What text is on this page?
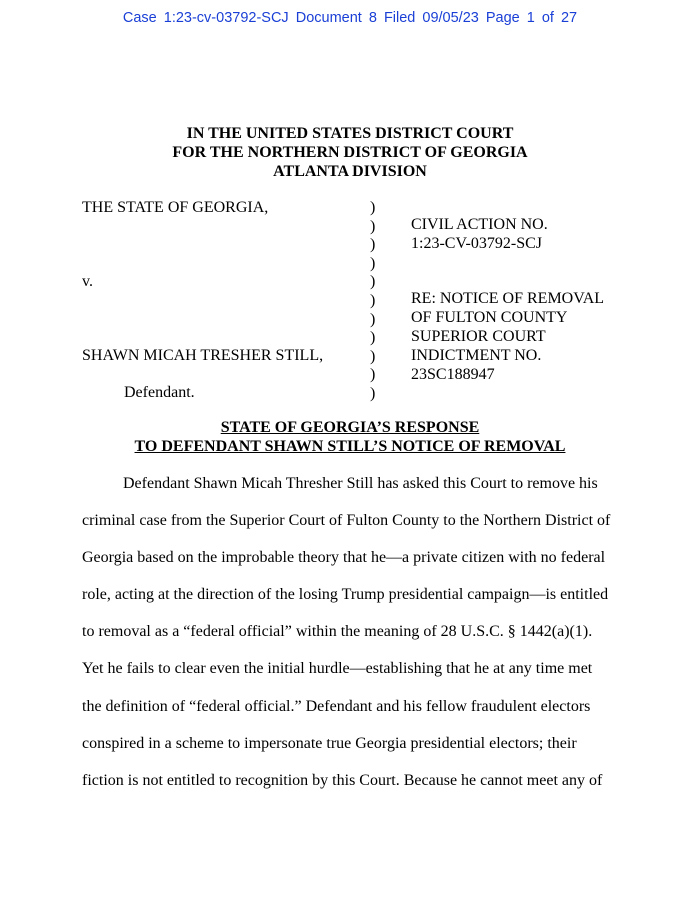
Case 1:23-cv-03792-SCJ Document 8 Filed 09/05/23 Page 1 of 27
IN THE UNITED STATES DISTRICT COURT
FOR THE NORTHERN DISTRICT OF GEORGIA
ATLANTA DIVISION
THE STATE OF GEORGIA,
v.
SHAWN MICAH TRESHER STILL,
Defendant.
)
)
)
)
)
)
)
)
)
)
)
CIVIL ACTION NO.
1:23-CV-03792-SCJ
RE: NOTICE OF REMOVAL
OF FULTON COUNTY
SUPERIOR COURT
INDICTMENT NO.
23SC188947
STATE OF GEORGIA’S RESPONSE
TO DEFENDANT SHAWN STILL’S NOTICE OF REMOVAL
Defendant Shawn Micah Thresher Still has asked this Court to remove his
criminal case from the Superior Court of Fulton County to the Northern District of
Georgia based on the improbable theory that he—a private citizen with no federal
role, acting at the direction of the losing Trump presidential campaign—is entitled
to removal as a “federal official” within the meaning of 28 U.S.C. § 1442(a)(1).
Yet he fails to clear even the initial hurdle—establishing that he at any time met
the definition of “federal official.” Defendant and his fellow fraudulent electors
conspired in a scheme to impersonate true Georgia presidential electors; their
fiction is not entitled to recognition by this Court. Because he cannot meet any of
